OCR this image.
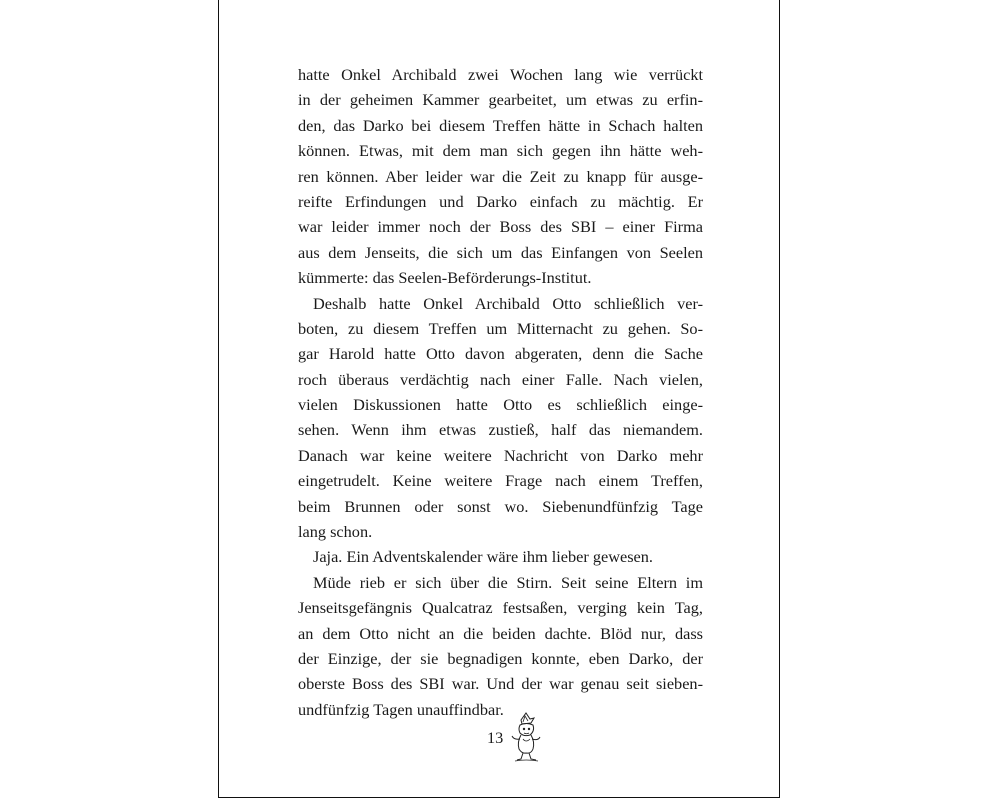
hatte Onkel Archibald zwei Wochen lang wie verrückt
in der geheimen Kammer gearbeitet, um etwas zu erfin-
den, das Darko bei diesem Treffen hätte in Schach halten
können. Etwas, mit dem man sich gegen ihn hätte weh-
ren können. Aber leider war die Zeit zu knapp für ausge-
reifte Erfindungen und Darko einfach zu mächtig. Er
war leider immer noch der Boss des SBI – einer Firma
aus dem Jenseits, die sich um das Einfangen von Seelen
kümmerte: das Seelen-Beförderungs-Institut.
Deshalb hatte Onkel Archibald Otto schließlich ver-
boten, zu diesem Treffen um Mitternacht zu gehen. So-
gar Harold hatte Otto davon abgeraten, denn die Sache
roch überaus verdächtig nach einer Falle. Nach vielen,
vielen Diskussionen hatte Otto es schließlich einge-
sehen. Wenn ihm etwas zustieß, half das niemandem.
Danach war keine weitere Nachricht von Darko mehr
eingetrudelt. Keine weitere Frage nach einem Treffen,
beim Brunnen oder sonst wo. Siebenundfünfzig Tage
lang schon.
Jaja. Ein Adventskalender wäre ihm lieber gewesen.
Müde rieb er sich über die Stirn. Seit seine Eltern im
Jenseitsgefängnis Qualcatraz festsaßen, verging kein Tag,
an dem Otto nicht an die beiden dachte. Blöd nur, dass
der Einzige, der sie begnadigen konnte, eben Darko, der
oberste Boss des SBI war. Und der war genau seit sieben-
undfünfzig Tagen unauffindbar.
13
